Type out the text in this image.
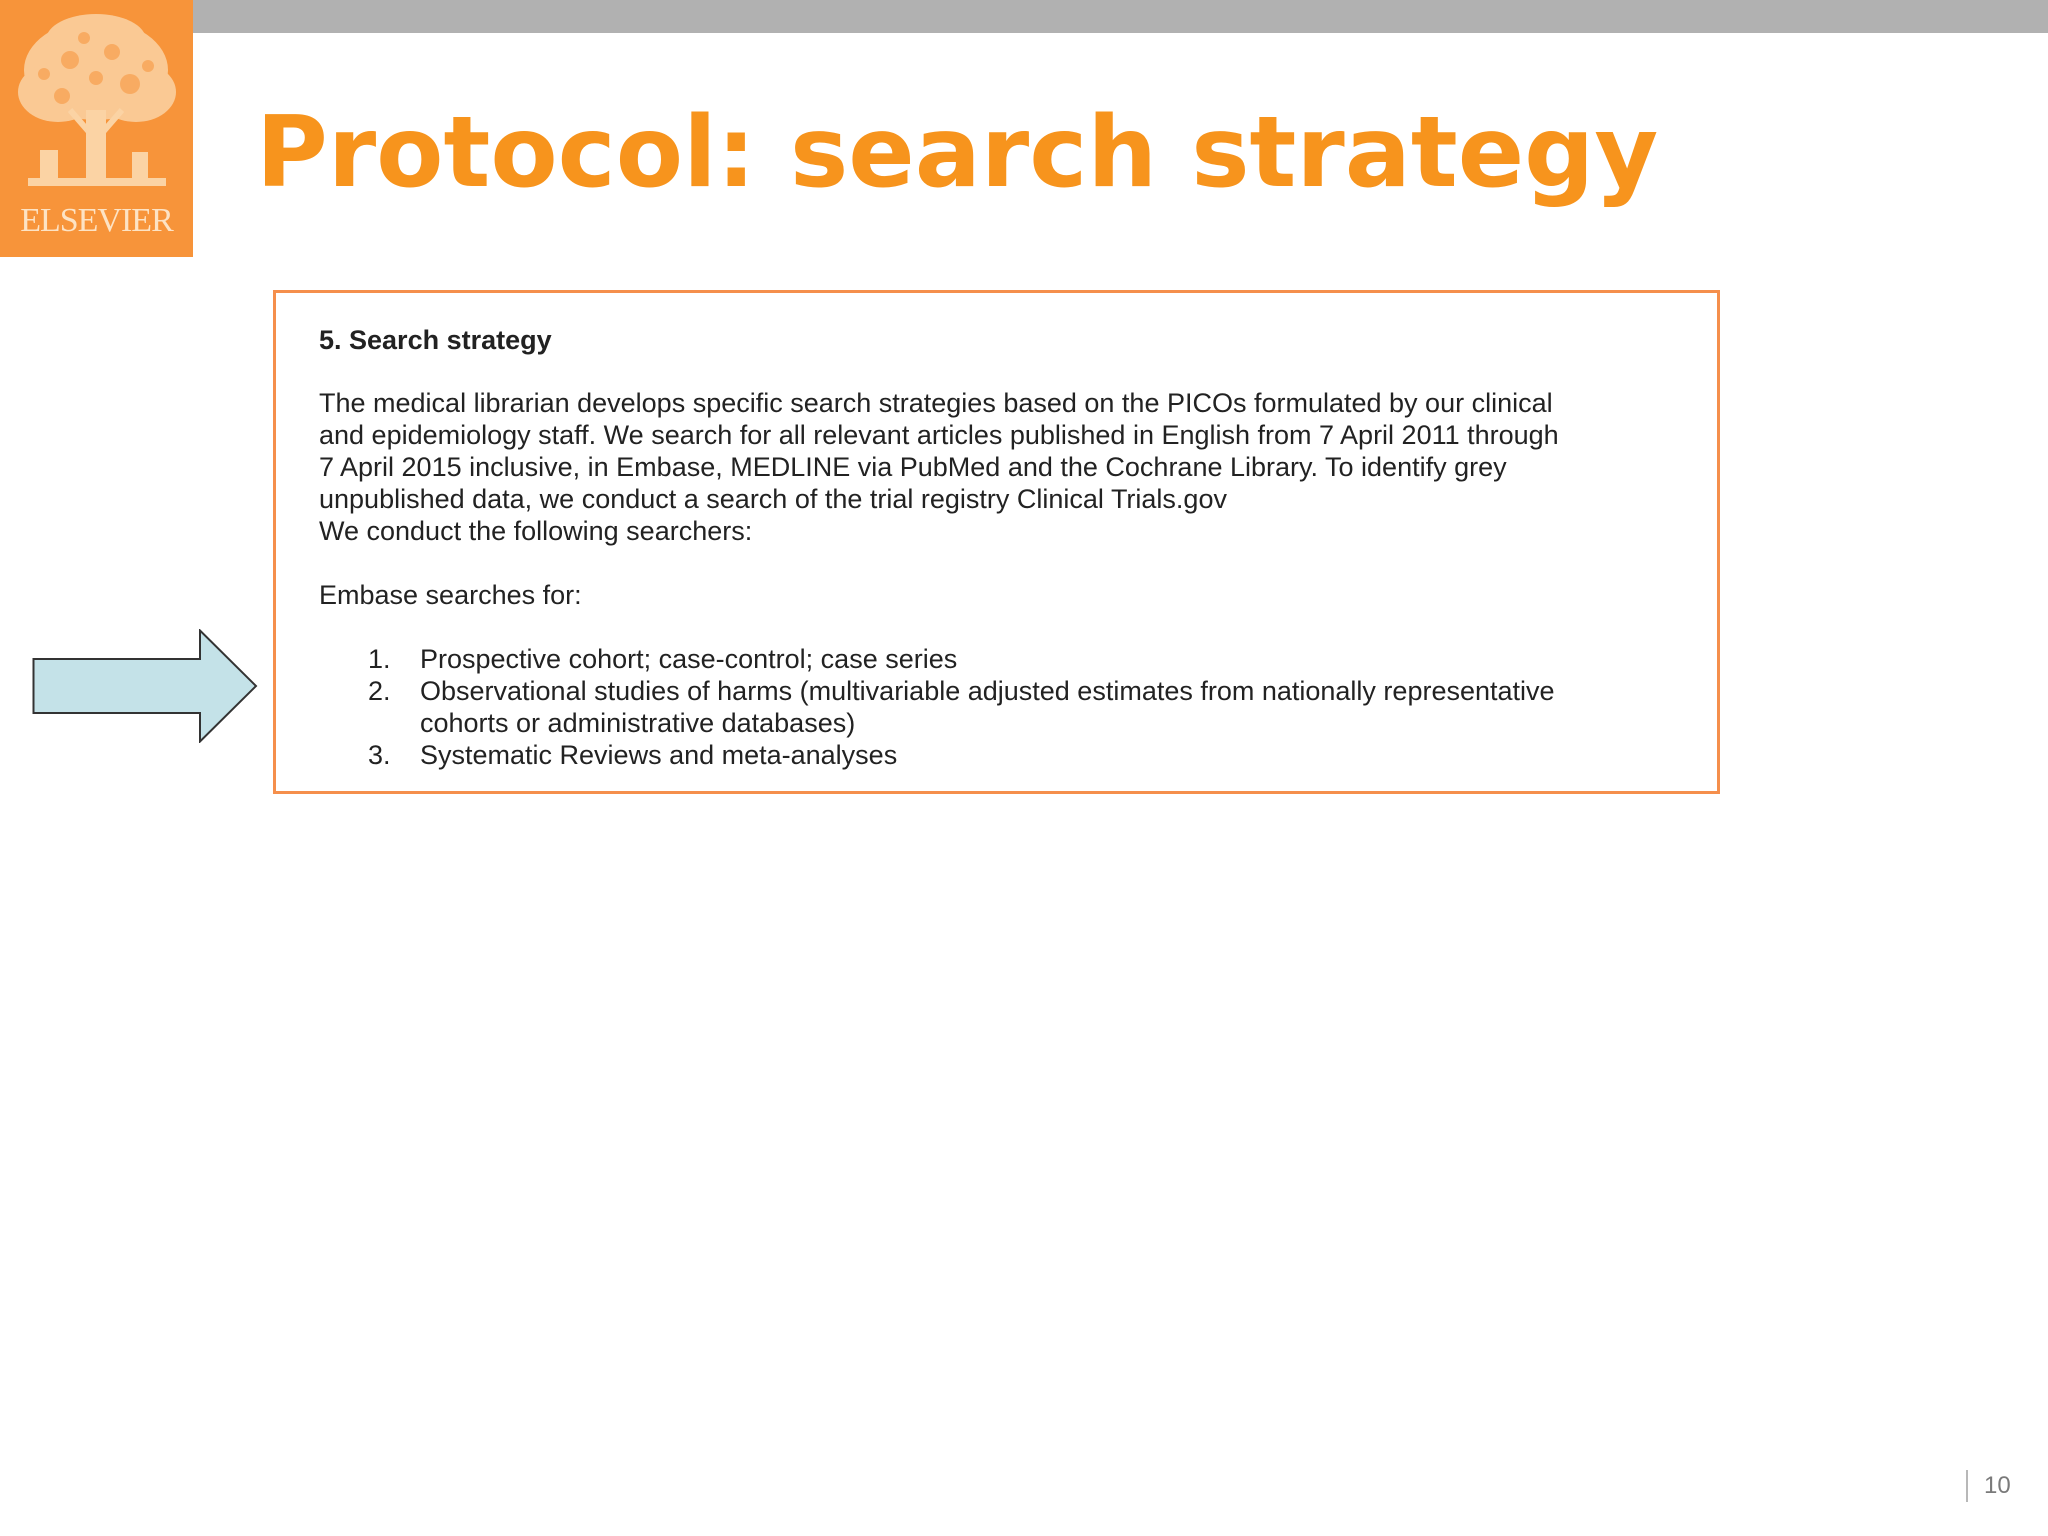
ELSEVIER
Protocol: search strategy
5. Search strategy

The medical librarian develops specific search strategies based on the PICOs formulated by our clinical

and epidemiology staff. We search for all relevant articles published in English from 7 April 2011 through

7 April 2015 inclusive, in Embase, MEDLINE via PubMed and the Cochrane Library. To identify grey

unpublished data, we conduct a search of the trial registry Clinical Trials.gov

We conduct the following searchers:

Embase searches for:

1. Prospective cohort; case-control; case series
2. Observational studies of harms (multivariable adjusted estimates from nationally representative
cohorts or administrative databases)
3. Systematic Reviews and meta-analyses
10
